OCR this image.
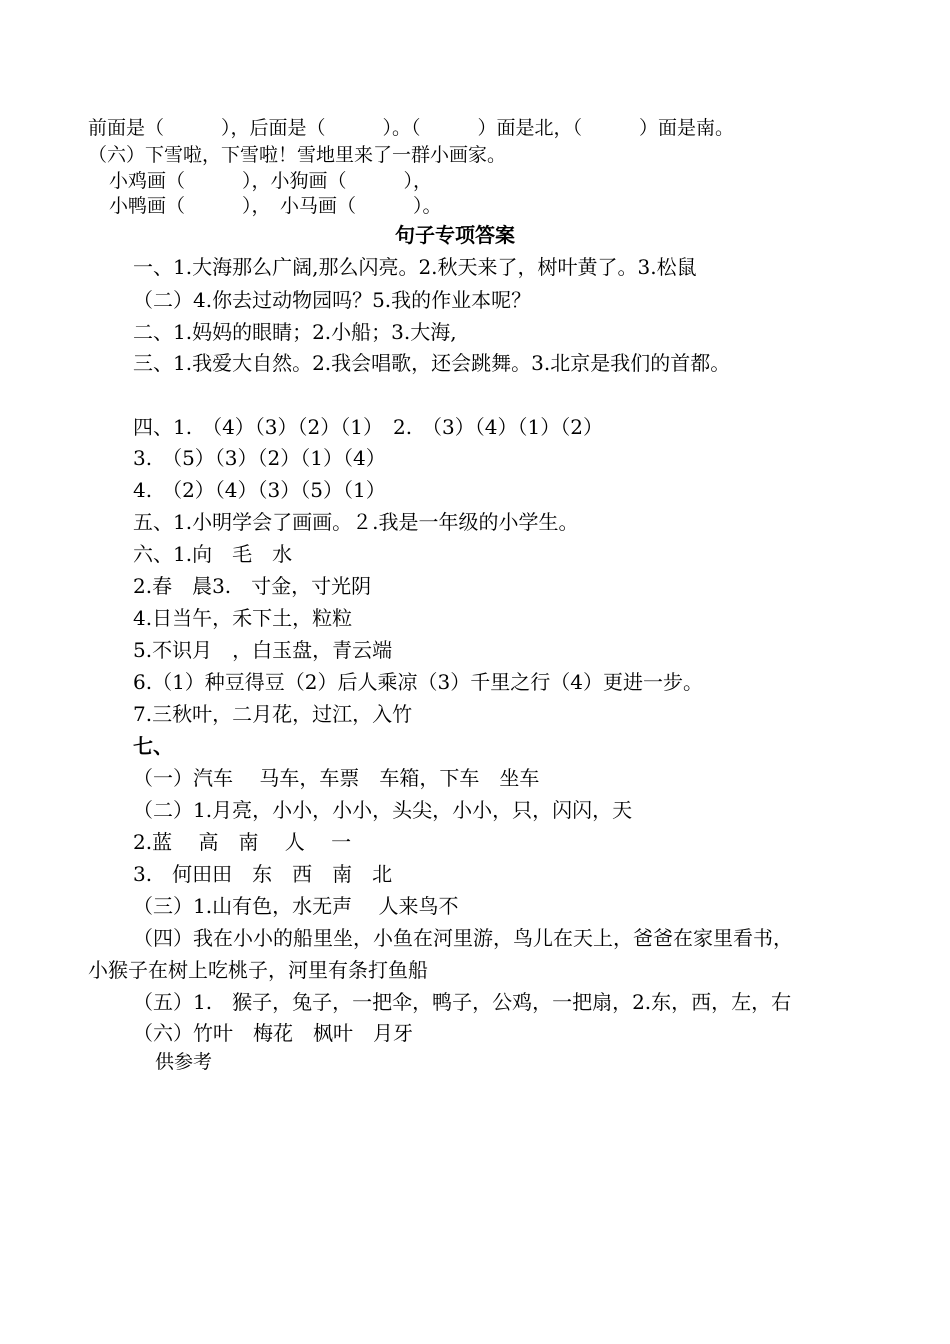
前面是（　　　），后面是（　　　）。（　　　）面是北，（　　　）面是南。
（六）下雪啦，下雪啦！雪地里来了一群小画家。
小鸡画（　　　），小狗画（　　　），
小鸭画（　　　），　小马画（　　　）。
句子专项答案
一、1.大海那么广阔,那么闪亮。2.秋天来了，树叶黄了。3.松鼠
（二）4.你去过动物园吗？5.我的作业本呢？
二、1.妈妈的眼睛；2.小船；3.大海,
三、1.我爱大自然。2.我会唱歌，还会跳舞。3.北京是我们的首都。
四、1.　（4）（3）（2）（1）　2.　（3）（4）（1）（2）
3.　（5）（3）（2）（1）（4）
4.　（2）（4）（3）（5）（1）
五、1.小明学会了画画。２.我是一年级的小学生。
六、1.向　毛　水
2.春　晨3.　寸金，寸光阴
4.日当午，禾下土，粒粒
5.不识月　，白玉盘，青云端
6.（1）种豆得豆（2）后人乘凉（3）千里之行（4）更进一步。
7.三秋叶，二月花，过江，入竹
七、
（一）汽车　 马车，车票　车箱，下车　坐车
（二）1.月亮，小小，小小，头尖，小小，只，闪闪，天
2.蓝　 高　南　 人　 一
3.　何田田　东　西　南　北
（三）1.山有色，水无声　 人来鸟不
（四）我在小小的船里坐，小鱼在河里游，鸟儿在天上，爸爸在家里看书，
小猴子在树上吃桃子，河里有条打鱼船
（五）1.　猴子，兔子，一把伞，鸭子，公鸡，一把扇，2.东，西，左，右
（六）竹叶　梅花　枫叶　月牙
供参考
